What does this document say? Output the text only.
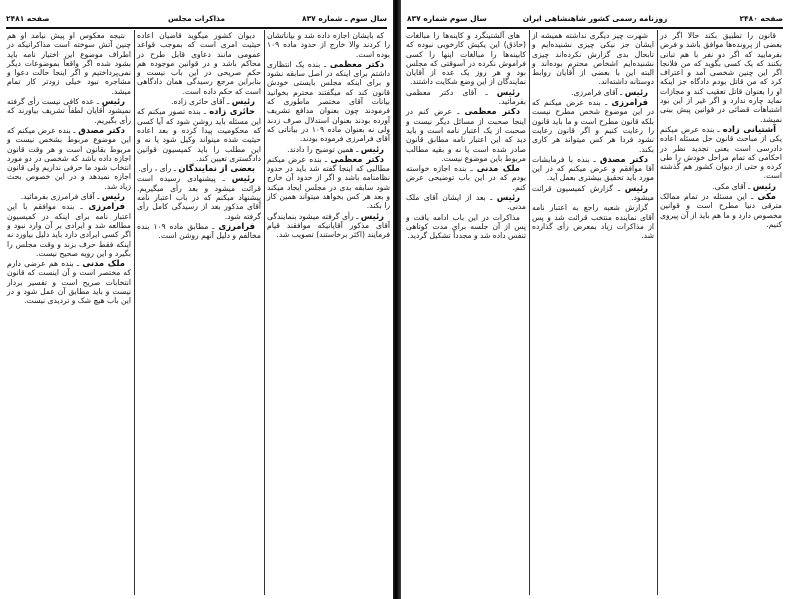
سال سوم ـ شماره ۸۳۷
مذاکرات مجلس
صفحه ۲۴۸۱

که بایشان اجازه داده شد و بیاناتشان را کردند والا خارج از حدود ماده ۱۰۹ بوده است.

دکتر معظمی ـ بنده یک انتظاری داشتم برای اینکه در اصل سابقه نشود و برای اینکه مجلس بایستی خودش قانون کند که میگفتند محترم بخوانید بیانات آقای مختصر ماطوری که فرمودند چون بعنوان مدافع تشریف آورده بودند بعنوان استدلال صرف زدند ولی نه بعنوان ماده ۱۰۹ در بیاناتی که آقای فرامرزی فرموده بودند.

رئیس ـ همین توضیح را دادند.

دکتر معظمی ـ بنده عرض میکنم مطالبی که اینجا گفته شد باید در حدود نظامنامه باشد و اگر از حدود آن خارج شود سابقه بدی در مجلس ایجاد میکند و بعد هر کس بخواهد میتواند همین کار را بکند.

رئیس ـ رأی گرفته میشود بنمایندگی آقای مذکور آقایانیکه موافقند قیام فرمایند (اکثر برخاستند) تصویب شد.

دیوان کشور میگوید قاضیان اعاده حیثیت امری است که بموجب قواعد عمومی مانند دعاوی قابل طرح در محاکم باشد و در قوانین موجوده هم حکم صریحی در این باب نیست و بنابراین مرجع رسیدگی همان دادگاهی است که حکم داده است.

رئیس ـ آقای حائری زاده.

حائری زاده ـ بنده تصور میکنم که این مسئله باید روشن شود که آیا کسی که محکومیت پیدا کرده و بعد اعاده حیثیت شده میتواند وکیل شود یا نه و این مطلب را باید کمیسیون قوانین دادگستری تعیین کند.

بعضی از نمایندگان ـ رأی ، رأی.

رئیس ـ پیشنهادی رسیده است قرائت میشود و بعد رأی میگیریم. پیشنهاد میکنم که در باب اعتبار نامه آقای مذکور بعد از رسیدگی کامل رأی گرفته شود.

فرامرزی ـ مطابق ماده ۱۰۹ بنده مخالفم و دلیل آنهم روشن است.

نتیجه معکوس او پیش نیامد او هم چنین آتش سوخته است مذاکراتیکه در اطراف موضوع این اختیار نامه باید بشود شده اگر واقعاً بموضوعات دیگر نمی‌پرداختیم و اگر اینجا حالت دعوا و مشاجره نبود خیلی زودتر کار تمام میشد.

رئیس ـ عده کافی نیست رأی گرفته نمیشود آقایان لطفاً تشریف بیاورند که رأی بگیریم.

دکتر مصدق ـ بنده عرض میکنم که این موضوع مربوط بشخص نیست و مربوط بقانون است و هر وقت قانون اجازه داده باشد که شخصی در دو مورد انتخاب شود ما حرفی نداریم ولی قانون اجازه نمیدهد و در این خصوص بحث زیاد شد.

رئیس ـ آقای فرامرزی بفرمائید.

فرامرزی ـ بنده موافقم با این اعتبار نامه برای اینکه در کمیسیون مطالعه شد و ایرادی بر آن وارد نبود و اگر کسی ایرادی دارد باید دلیل بیاورد نه اینکه فقط حرف بزند و وقت مجلس را بگیرد و این رویه صحیح نیست.

ملک مدنی ـ بنده هم عرضی دارم که مختصر است و آن اینست که قانون انتخابات صریح است و تفسیر بردار نیست و باید مطابق آن عمل شود و در این باب هیچ شک و تردیدی نیست.

صفحه ۲۴۸۰
روزنامه رسمی کشور شاهنشاهی ایران
سال سوم شماره ۸۳۷

قانون را تطبیق بکند حالا اگر در بعضی از پرونده‌ها موافق باشد و فرض بفرمایید که اگر دو نفر با هم تبانی بکنند که یک کسی بگوید که من فلانجا اگر این چنین شخصی آمد و اعتراف کرد که من قاتل بودم دادگاه جز اینکه او را بعنوان قاتل تعقیب کند و مجازات نماید چاره ندارد و اگر غیر از این بود اشتباهات قضائی در قوانین پیش بینی نمیشد.

آشتیانی زاده ـ بنده عرض میکنم یکی از مباحث قانون حل مسئله اعاده دادرسی است یعنی تجدید نظر در احکامی که تمام مراحل خودش را طی کرده و حتی از دیوان کشور هم گذشته است.

رئیس ـ آقای مکی.

مکی ـ این مسئله در تمام ممالک مترقی دنیا مطرح است و قوانین مخصوص دارد و ما هم باید از آن پیروی کنیم.

شهرت چیز دیگری نداشته همیشه از ایشان جز نیکی چیزی نشنیده‌ایم و تابحال بدی گزارش نکرده‌اند چیزی نشنیده‌ایم اشخاص محترم بوده‌اند و البته این با بعضی از آقایان روابط دوستانه داشته‌اند.

رئیس ـ آقای فرامرزی.

فرامرزی ـ بنده عرض میکنم که در این موضوع شخص مطرح نیست بلکه قانون مطرح است و ما باید قانون را رعایت کنیم و اگر قانون رعایت نشود فردا هر کس میتواند هر کاری بکند.

دکتر مصدق ـ بنده با فرمایشات آقا موافقم و عرض میکنم که در این مورد باید تحقیق بیشتری بعمل آید.

رئیس ـ گزارش کمیسیون قرائت میشود.

گزارش شعبه راجع به اعتبار نامه آقای نماینده منتخب قرائت شد و پس از مذاکرات زیاد بمعرض رأی گذارده شد.

های آلشتینگرد و کاینه‌ها را مبالغات (حاذق) این یکیش کارخوبی نبوده که کابینه‌ها را مبالغات اینها را کسی فراموش نکرده در آسوقتی که مجلس بود و هر روز یک عده از آقایان نمایندگان از این وضع شکایت داشتند.

رئیس ـ آقای دکتر معظمی بفرمائید.

دکتر معظمی ـ عرض کنم در اینجا صحبت از مسائل دیگر نیست و صحبت از یک اعتبار نامه است و باید دید که این اعتبار نامه مطابق قانون صادر شده است یا نه و بقیه مطالب مربوط باین موضوع نیست.

ملک مدنی ـ بنده اجازه خواسته بودم که در این باب توضیحی عرض کنم.

رئیس ـ بعد از ایشان آقای ملک مدنی.

مذاکرات در این باب ادامه یافت و پس از آن جلسه برای مدت کوتاهی تنفس داده شد و مجدداً تشکیل گردید.
